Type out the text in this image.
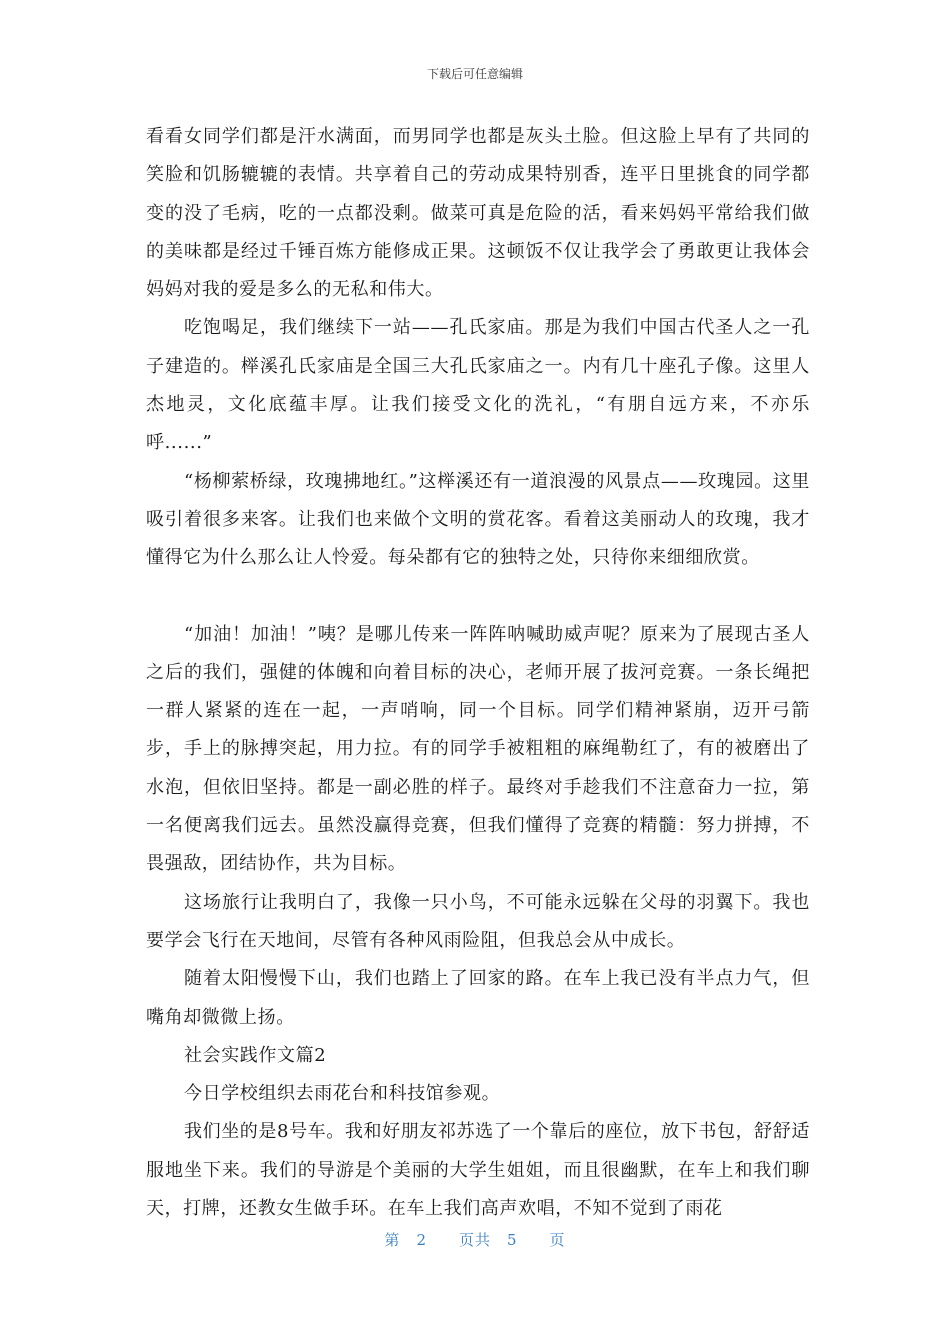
下载后可任意编辑

看看女同学们都是汗水满面，而男同学也都是灰头土脸。但这脸上早有了共同的笑脸和饥肠辘辘的表情。共享着自己的劳动成果特别香，连平日里挑食的同学都变的没了毛病，吃的一点都没剩。做菜可真是危险的活，看来妈妈平常给我们做的美味都是经过千锤百炼方能修成正果。这顿饭不仅让我学会了勇敢更让我体会妈妈对我的爱是多么的无私和伟大。

吃饱喝足，我们继续下一站——孔氏家庙。那是为我们中国古代圣人之一孔子建造的。榉溪孔氏家庙是全国三大孔氏家庙之一。内有几十座孔子像。这里人杰地灵，文化底蕴丰厚。让我们接受文化的洗礼，“有朋自远方来，不亦乐呼......”

“杨柳萦桥绿，玫瑰拂地红。”这榉溪还有一道浪漫的风景点——玫瑰园。这里吸引着很多来客。让我们也来做个文明的赏花客。看着这美丽动人的玫瑰，我才懂得它为什么那么让人怜爱。每朵都有它的独特之处，只待你来细细欣赏。

“加油！加油！”咦？是哪儿传来一阵阵呐喊助威声呢？原来为了展现古圣人之后的我们，强健的体魄和向着目标的决心，老师开展了拔河竞赛。一条长绳把一群人紧紧的连在一起，一声哨响，同一个目标。同学们精神紧崩，迈开弓箭步，手上的脉搏突起，用力拉。有的同学手被粗粗的麻绳勒红了，有的被磨出了水泡，但依旧坚持。都是一副必胜的样子。最终对手趁我们不注意奋力一拉，第一名便离我们远去。虽然没赢得竞赛，但我们懂得了竞赛的精髓：努力拼搏，不畏强敌，团结协作，共为目标。

这场旅行让我明白了，我像一只小鸟，不可能永远躲在父母的羽翼下。我也要学会飞行在天地间，尽管有各种风雨险阻，但我总会从中成长。

随着太阳慢慢下山，我们也踏上了回家的路。在车上我已没有半点力气，但嘴角却微微上扬。

社会实践作文篇2

今日学校组织去雨花台和科技馆参观。

我们坐的是8号车。我和好朋友祁苏选了一个靠后的座位，放下书包，舒舒适服地坐下来。我们的导游是个美丽的大学生姐姐，而且很幽默，在车上和我们聊天，打牌，还教女生做手环。在车上我们高声欢唱，不知不觉到了雨花

第 2 页共 5 页
